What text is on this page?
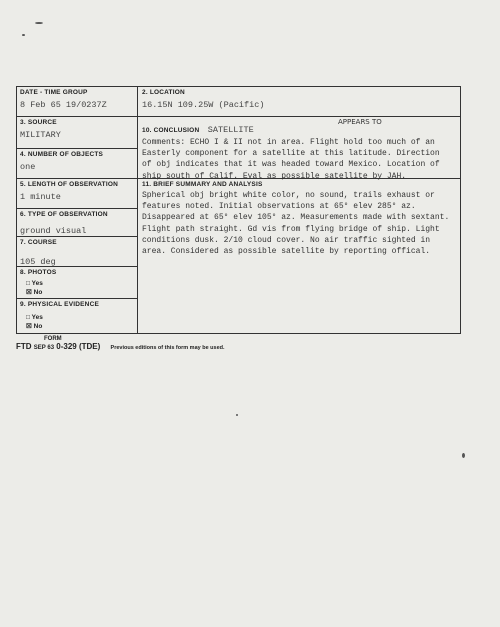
DATE - TIME GROUP
8 Feb 65 19/0237Z
3. SOURCE
MILITARY
4. NUMBER OF OBJECTS
one
5. LENGTH OF OBSERVATION
1 minute
6. TYPE OF OBSERVATION
ground visual
7. COURSE
105 deg
8. PHOTOS
□ Yes
☒ No
9. PHYSICAL EVIDENCE
□ Yes
☒ No
2. LOCATION
16.15N 109.25W (Pacific)
10. CONCLUSION SATELLITE
APPEARS TO
Comments: ECHO I & II not in area. Flight hold too much of an
Easterly component for a satellite at this latitude. Direction
of obj indicates that it was headed toward Mexico. Location of
ship south of Calif. Eval as possible satellite by JAH.
11. BRIEF SUMMARY AND ANALYSIS
Spherical obj bright white color, no sound, trails exhaust or
features noted. Initial observations at 65° elev 285° az.
Disappeared at 65° elev 105° az. Measurements made with sextant.
Flight path straight. Gd vis from flying bridge of ship. Light
conditions dusk. 2/10 cloud cover. No air traffic sighted in
area. Considered as possible satellite by reporting offical.
FORM
FTD SEP 63 0-329 (TDE) Previous editions of this form may be used.
